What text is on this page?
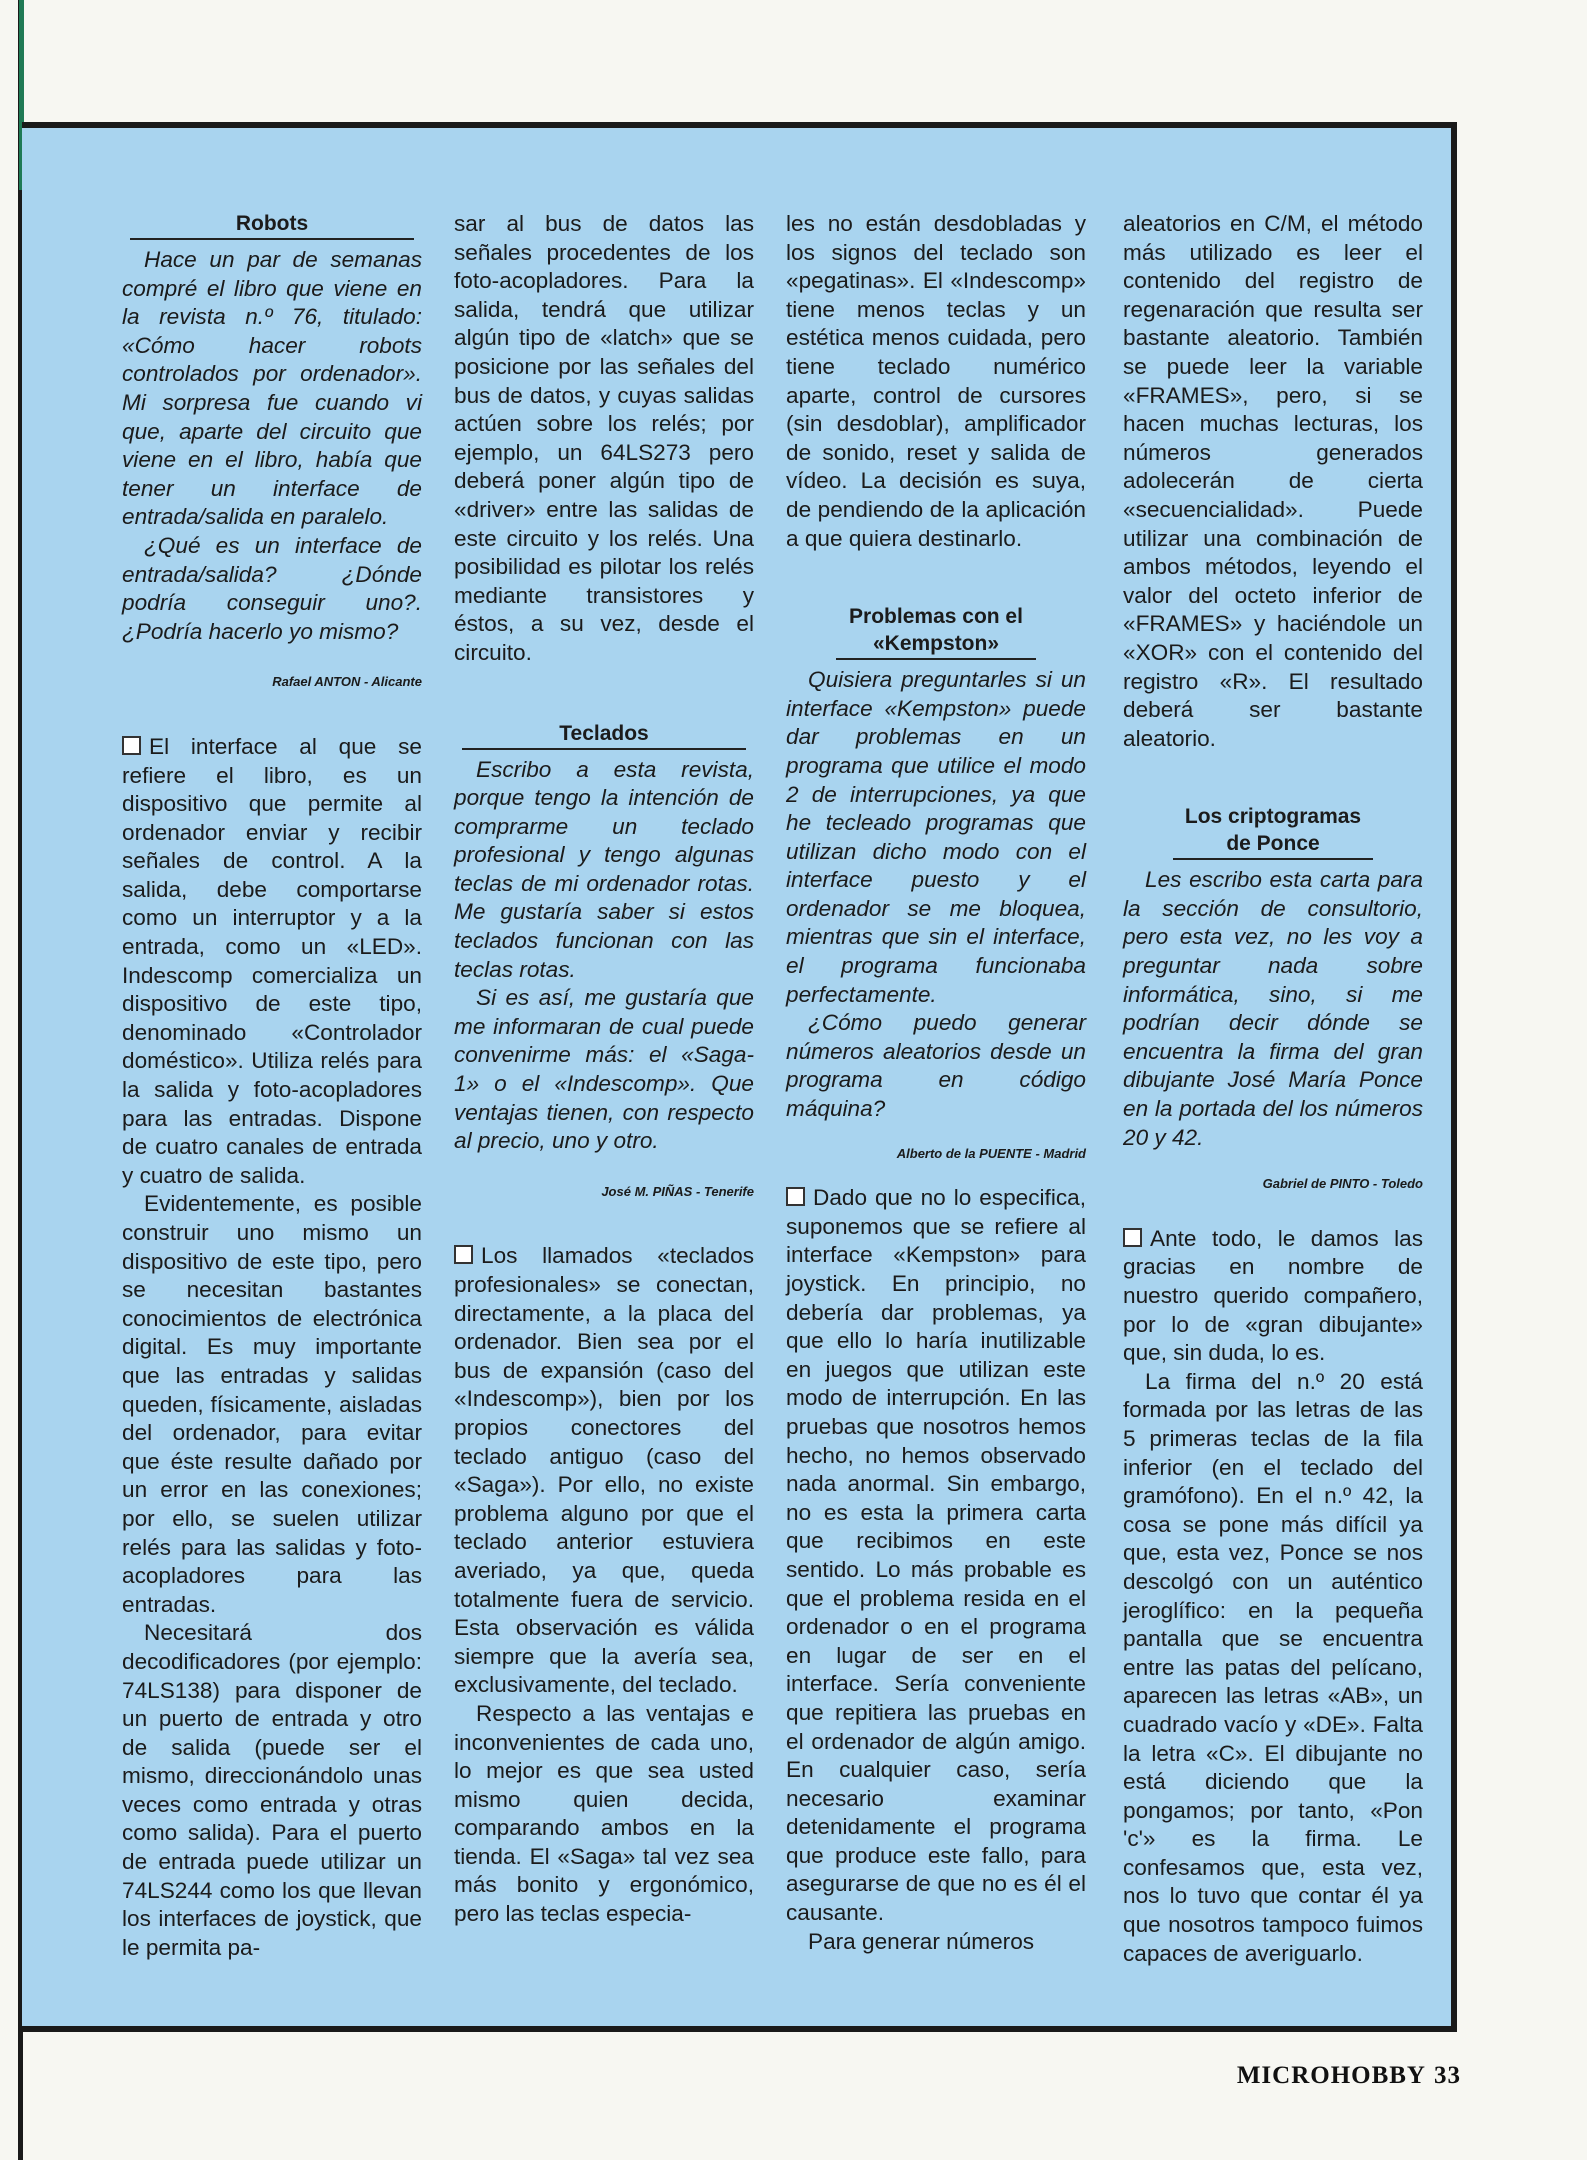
Robots

Hace un par de semanas compré el libro que viene en la revista n.º 76, titulado: «Cómo hacer robots controlados por ordenador». Mi sorpresa fue cuando vi que, aparte del circuito que viene en el libro, había que tener un interface de entrada/salida en paralelo.

¿Qué es un interface de entrada/salida? ¿Dónde podría conseguir uno?. ¿Podría hacerlo yo mismo?

Rafael ANTON - Alicante

El interface al que se refiere el libro, es un dispositivo que permite al ordenador enviar y recibir señales de control. A la salida, debe comportarse como un interruptor y a la entrada, como un «LED». Indescomp comercializa un dispositivo de este tipo, denominado «Controlador doméstico». Utiliza relés para la salida y foto-acopladores para las entradas. Dispone de cuatro canales de entrada y cuatro de salida.

Evidentemente, es posible construir uno mismo un dispositivo de este tipo, pero se necesitan bastantes conocimientos de electrónica digital. Es muy importante que las entradas y salidas queden, físicamente, aisladas del ordenador, para evitar que éste resulte dañado por un error en las conexiones; por ello, se suelen utilizar relés para las salidas y foto-acopladores para las entradas.

Necesitará dos decodificadores (por ejemplo: 74LS138) para disponer de un puerto de entrada y otro de salida (puede ser el mismo, direccionándolo unas veces como entrada y otras como salida). Para el puerto de entrada puede utilizar un 74LS244 como los que llevan los interfaces de joystick, que le permita pa-

sar al bus de datos las señales procedentes de los foto-acopladores. Para la salida, tendrá que utilizar algún tipo de «latch» que se posicione por las señales del bus de datos, y cuyas salidas actúen sobre los relés; por ejemplo, un 64LS273 pero deberá poner algún tipo de «driver» entre las salidas de este circuito y los relés. Una posibilidad es pilotar los relés mediante transistores y éstos, a su vez, desde el circuito.

Teclados

Escribo a esta revista, porque tengo la intención de comprarme un teclado profesional y tengo algunas teclas de mi ordenador rotas. Me gustaría saber si estos teclados funcionan con las teclas rotas.

Si es así, me gustaría que me informaran de cual puede convenirme más: el «Saga-1» o el «Indescomp». Que ventajas tienen, con respecto al precio, uno y otro.

José M. PIÑAS - Tenerife

Los llamados «teclados profesionales» se conectan, directamente, a la placa del ordenador. Bien sea por el bus de expansión (caso del «Indescomp»), bien por los propios conectores del teclado antiguo (caso del «Saga»). Por ello, no existe problema alguno por que el teclado anterior estuviera averiado, ya que, queda totalmente fuera de servicio. Esta observación es válida siempre que la avería sea, exclusivamente, del teclado.

Respecto a las ventajas e inconvenientes de cada uno, lo mejor es que sea usted mismo quien decida, comparando ambos en la tienda. El «Saga» tal vez sea más bonito y ergonómico, pero las teclas especia-

les no están desdobladas y los signos del teclado son «pegatinas». El «Indescomp» tiene menos teclas y un estética menos cuidada, pero tiene teclado numérico aparte, control de cursores (sin desdoblar), amplificador de sonido, reset y salida de vídeo. La decisión es suya, de pendiendo de la aplicación a que quiera destinarlo.

Problemas con el «Kempston»

Quisiera preguntarles si un interface «Kempston» puede dar problemas en un programa que utilice el modo 2 de interrupciones, ya que he tecleado programas que utilizan dicho modo con el interface puesto y el ordenador se me bloquea, mientras que sin el interface, el programa funcionaba perfectamente.

¿Cómo puedo generar números aleatorios desde un programa en código máquina?

Alberto de la PUENTE - Madrid

Dado que no lo especifica, suponemos que se refiere al interface «Kempston» para joystick. En principio, no debería dar problemas, ya que ello lo haría inutilizable en juegos que utilizan este modo de interrupción. En las pruebas que nosotros hemos hecho, no hemos observado nada anormal. Sin embargo, no es esta la primera carta que recibimos en este sentido. Lo más probable es que el problema resida en el ordenador o en el programa en lugar de ser en el interface. Sería conveniente que repitiera las pruebas en el ordenador de algún amigo. En cualquier caso, sería necesario examinar detenidamente el programa que produce este fallo, para asegurarse de que no es él el causante.

Para generar números

aleatorios en C/M, el método más utilizado es leer el contenido del registro de regenaración que resulta ser bastante aleatorio. También se puede leer la variable «FRAMES», pero, si se hacen muchas lecturas, los números generados adolecerán de cierta «secuencialidad». Puede utilizar una combinación de ambos métodos, leyendo el valor del octeto inferior de «FRAMES» y haciéndole un «XOR» con el contenido del registro «R». El resultado deberá ser bastante aleatorio.

Los criptogramas de Ponce

Les escribo esta carta para la sección de consultorio, pero esta vez, no les voy a preguntar nada sobre informática, sino, si me podrían decir dónde se encuentra la firma del gran dibujante José María Ponce en la portada del los números 20 y 42.

Gabriel de PINTO - Toledo

Ante todo, le damos las gracias en nombre de nuestro querido compañero, por lo de «gran dibujante» que, sin duda, lo es.

La firma del n.º 20 está formada por las letras de las 5 primeras teclas de la fila inferior (en el teclado del gramófono). En el n.º 42, la cosa se pone más difícil ya que, esta vez, Ponce se nos descolgó con un auténtico jeroglífico: en la pequeña pantalla que se encuentra entre las patas del pelícano, aparecen las letras «AB», un cuadrado vacío y «DE». Falta la letra «C». El dibujante no está diciendo que la pongamos; por tanto, «Pon 'c'» es la firma. Le confesamos que, esta vez, nos lo tuvo que contar él ya que nosotros tampoco fuimos capaces de averiguarlo.

MICROHOBBY 33
